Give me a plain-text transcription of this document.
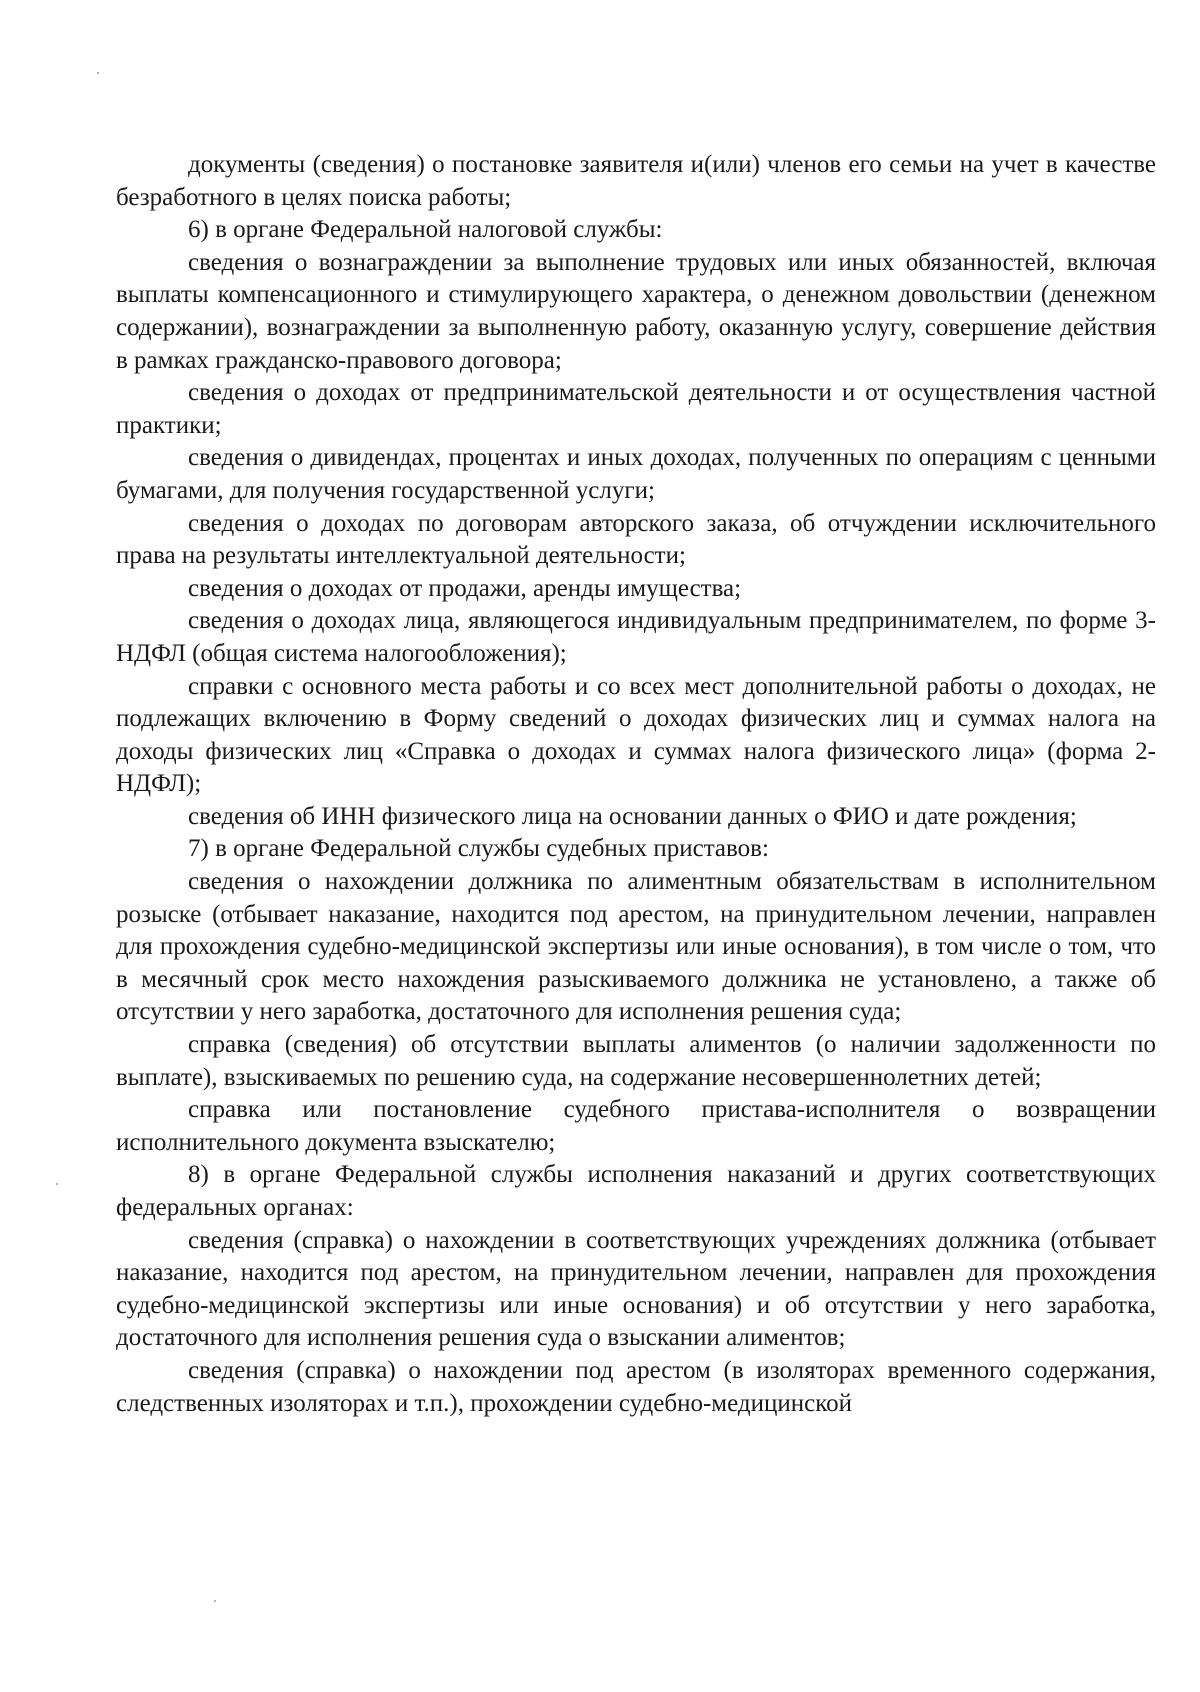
документы (сведения) о постановке заявителя и(или) членов его семьи на учет в качестве безработного в целях поиска работы;

6) в органе Федеральной налоговой службы:

сведения о вознаграждении за выполнение трудовых или иных обязанностей, включая выплаты компенсационного и стимулирующего характера, о денежном довольствии (денежном содержании), вознаграждении за выполненную работу, оказанную услугу, совершение действия в рамках гражданско-правового договора;

сведения о доходах от предпринимательской деятельности и от осуществления частной практики;

сведения о дивидендах, процентах и иных доходах, полученных по операциям с ценными бумагами, для получения государственной услуги;

сведения о доходах по договорам авторского заказа, об отчуждении исключительного права на результаты интеллектуальной деятельности;

сведения о доходах от продажи, аренды имущества;

сведения о доходах лица, являющегося индивидуальным предпринимателем, по форме 3-НДФЛ (общая система налогообложения);

справки с основного места работы и со всех мест дополнительной работы о доходах, не подлежащих включению в Форму сведений о доходах физических лиц и суммах налога на доходы физических лиц «Справка о доходах и суммах налога физического лица» (форма 2-НДФЛ);

сведения об ИНН физического лица на основании данных о ФИО и дате рождения;

7) в органе Федеральной службы судебных приставов:

сведения о нахождении должника по алиментным обязательствам в исполнительном розыске (отбывает наказание, находится под арестом, на принудительном лечении, направлен для прохождения судебно-медицинской экспертизы или иные основания), в том числе о том, что в месячный срок место нахождения разыскиваемого должника не установлено, а также об отсутствии у него заработка, достаточного для исполнения решения суда;

справка (сведения) об отсутствии выплаты алиментов (о наличии задолженности по выплате), взыскиваемых по решению суда, на содержание несовершеннолетних детей;

справка или постановление судебного пристава-исполнителя о возвращении исполнительного документа взыскателю;

8) в органе Федеральной службы исполнения наказаний и других соответствующих федеральных органах:

сведения (справка) о нахождении в соответствующих учреждениях должника (отбывает наказание, находится под арестом, на принудительном лечении, направлен для прохождения судебно-медицинской экспертизы или иные основания) и об отсутствии у него заработка, достаточного для исполнения решения суда о взыскании алиментов;

сведения (справка) о нахождении под арестом (в изоляторах временного содержания, следственных изоляторах и т.п.), прохождении судебно-медицинской
